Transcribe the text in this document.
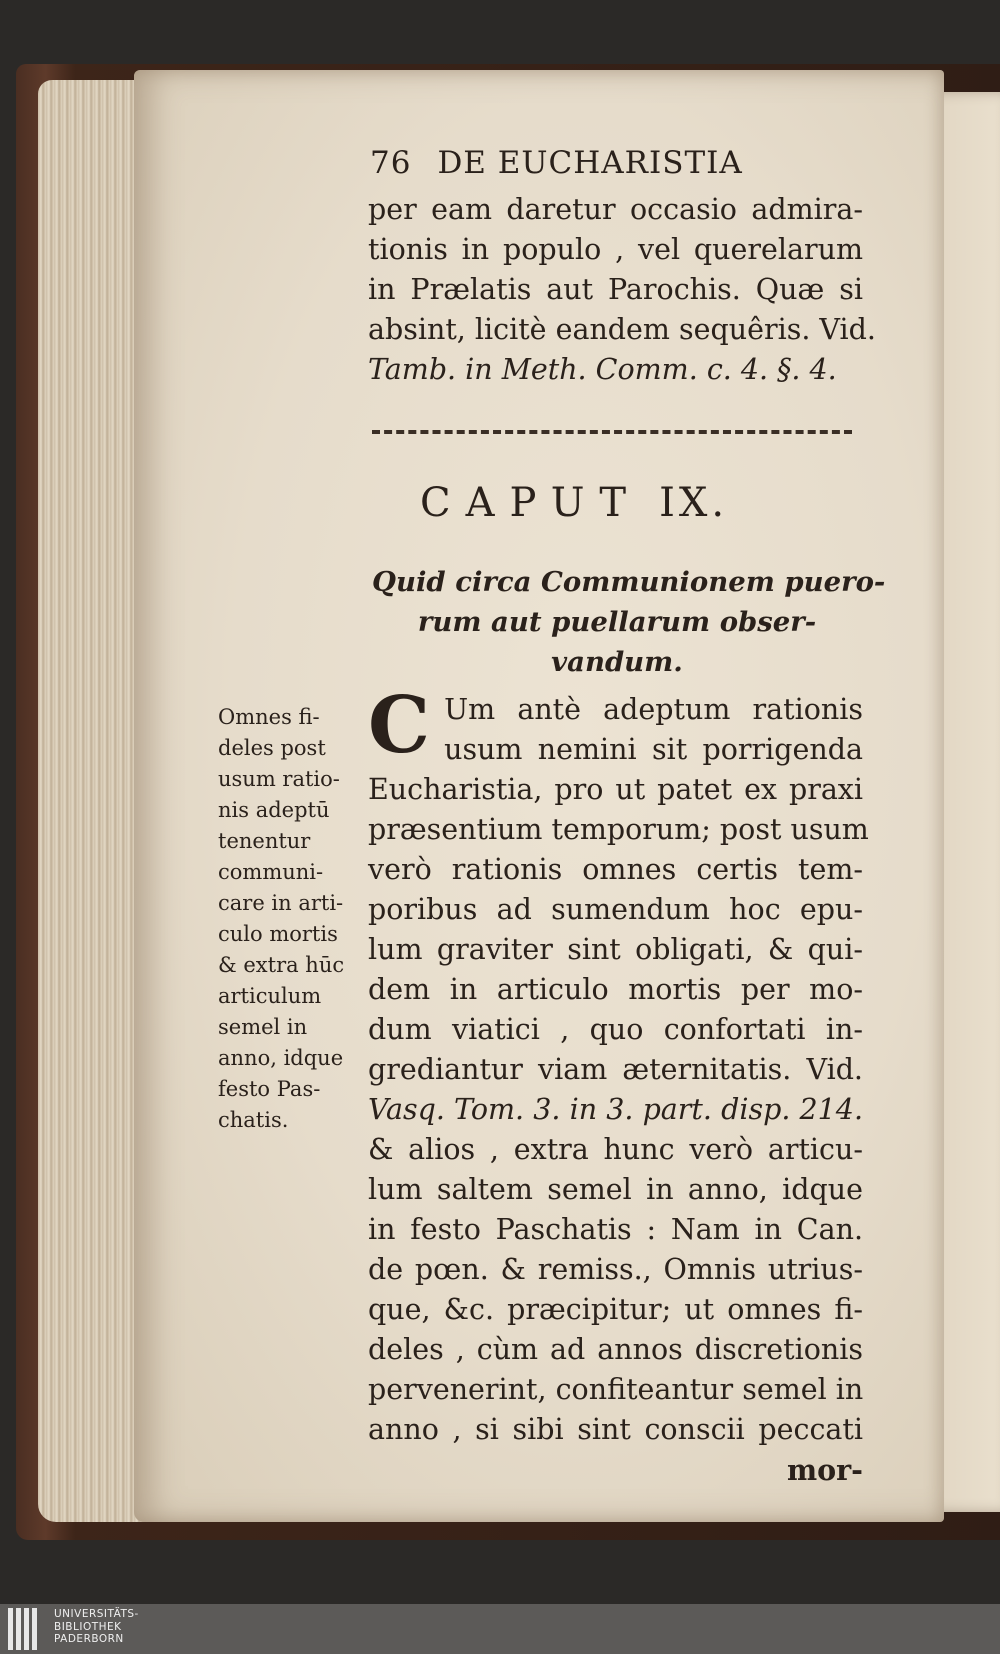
76 DE EUCHARISTIA
per eam daretur occasio admira-
tionis in populo , vel querelarum
in Prælatis aut Parochis. Quæ si
absint, licitè eandem sequêris. Vid.
Tamb. in Meth. Comm. c. 4. §. 4.
CAPUT IX.
Quid circa Communionem puero-
rum aut puellarum obser-
vandum.
Omnes fi-
deles post
usum ratio-
nis adeptū
tenentur
communi-
care in arti-
culo mortis
& extra hūc
articulum
semel in
anno, idque
festo Pas-
chatis.
C Um antè adeptum rationis
usum nemini sit porrigenda
Eucharistia, pro ut patet ex praxi
præsentium temporum; post usum
verò rationis omnes certis tem-
poribus ad sumendum hoc epu-
lum graviter sint obligati, & qui-
dem in articulo mortis per mo-
dum viatici , quo confortati in-
grediantur viam æternitatis. Vid.
Vasq. Tom. 3. in 3. part. disp. 214.
& alios , extra hunc verò articu-
lum saltem semel in anno, idque
in festo Paschatis : Nam in Can.
de pœn. & remiss., Omnis utrius-
que, &c. præcipitur; ut omnes fi-
deles , cùm ad annos discretionis
pervenerint, confiteantur semel in
anno , si sibi sint conscii peccati
mor-
UNIVERSITÄTS-
BIBLIOTHEK
PADERBORN
